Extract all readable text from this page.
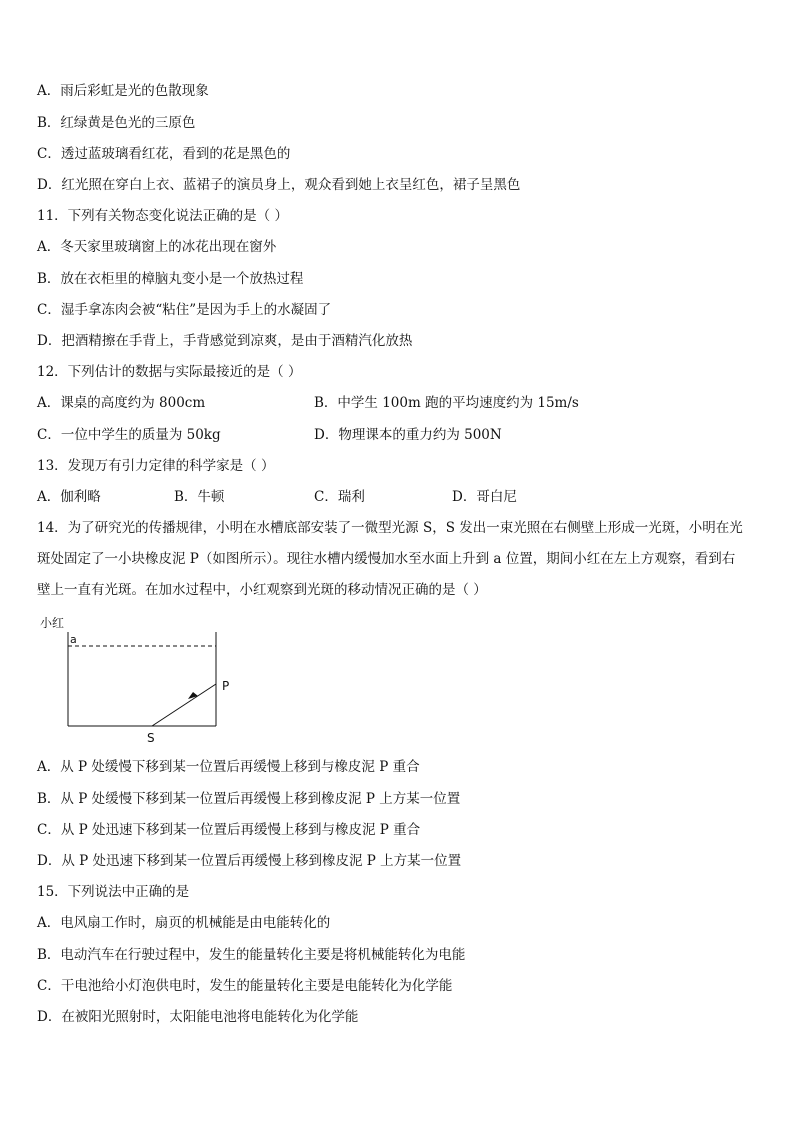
A．雨后彩虹是光的色散现象
B．红绿黄是色光的三原色
C．透过蓝玻璃看红花，看到的花是黑色的
D．红光照在穿白上衣、蓝裙子的演员身上，观众看到她上衣呈红色，裙子呈黑色
11．下列有关物态变化说法正确的是（ ）
A．冬天家里玻璃窗上的冰花出现在窗外
B．放在衣柜里的樟脑丸变小是一个放热过程
C．湿手拿冻肉会被“粘住”是因为手上的水凝固了
D．把酒精擦在手背上，手背感觉到凉爽，是由于酒精汽化放热
12．下列估计的数据与实际最接近的是（ ）
A．课桌的高度约为 800cm	B．中学生 100m 跑的平均速度约为 15m/s
C．一位中学生的质量为 50kg	D．物理课本的重力约为 500N
13．发现万有引力定律的科学家是（ ）
A．伽利略	B．牛顿	C．瑞利	D．哥白尼
14．为了研究光的传播规律，小明在水槽底部安装了一微型光源 S，S 发出一束光照在右侧壁上形成一光斑，小明在光
斑处固定了一小块橡皮泥 P（如图所示）。现往水槽内缓慢加水至水面上升到 a 位置，期间小红在左上方观察，看到右
壁上一直有光斑。在加水过程中，小红观察到光斑的移动情况正确的是（ ）
小红
a
P
S
A．从 P 处缓慢下移到某一位置后再缓慢上移到与橡皮泥 P 重合
B．从 P 处缓慢下移到某一位置后再缓慢上移到橡皮泥 P 上方某一位置
C．从 P 处迅速下移到某一位置后再缓慢上移到与橡皮泥 P 重合
D．从 P 处迅速下移到某一位置后再缓慢上移到橡皮泥 P 上方某一位置
15．下列说法中正确的是
A．电风扇工作时，扇页的机械能是由电能转化的
B．电动汽车在行驶过程中，发生的能量转化主要是将机械能转化为电能
C．干电池给小灯泡供电时，发生的能量转化主要是电能转化为化学能
D．在被阳光照射时，太阳能电池将电能转化为化学能
